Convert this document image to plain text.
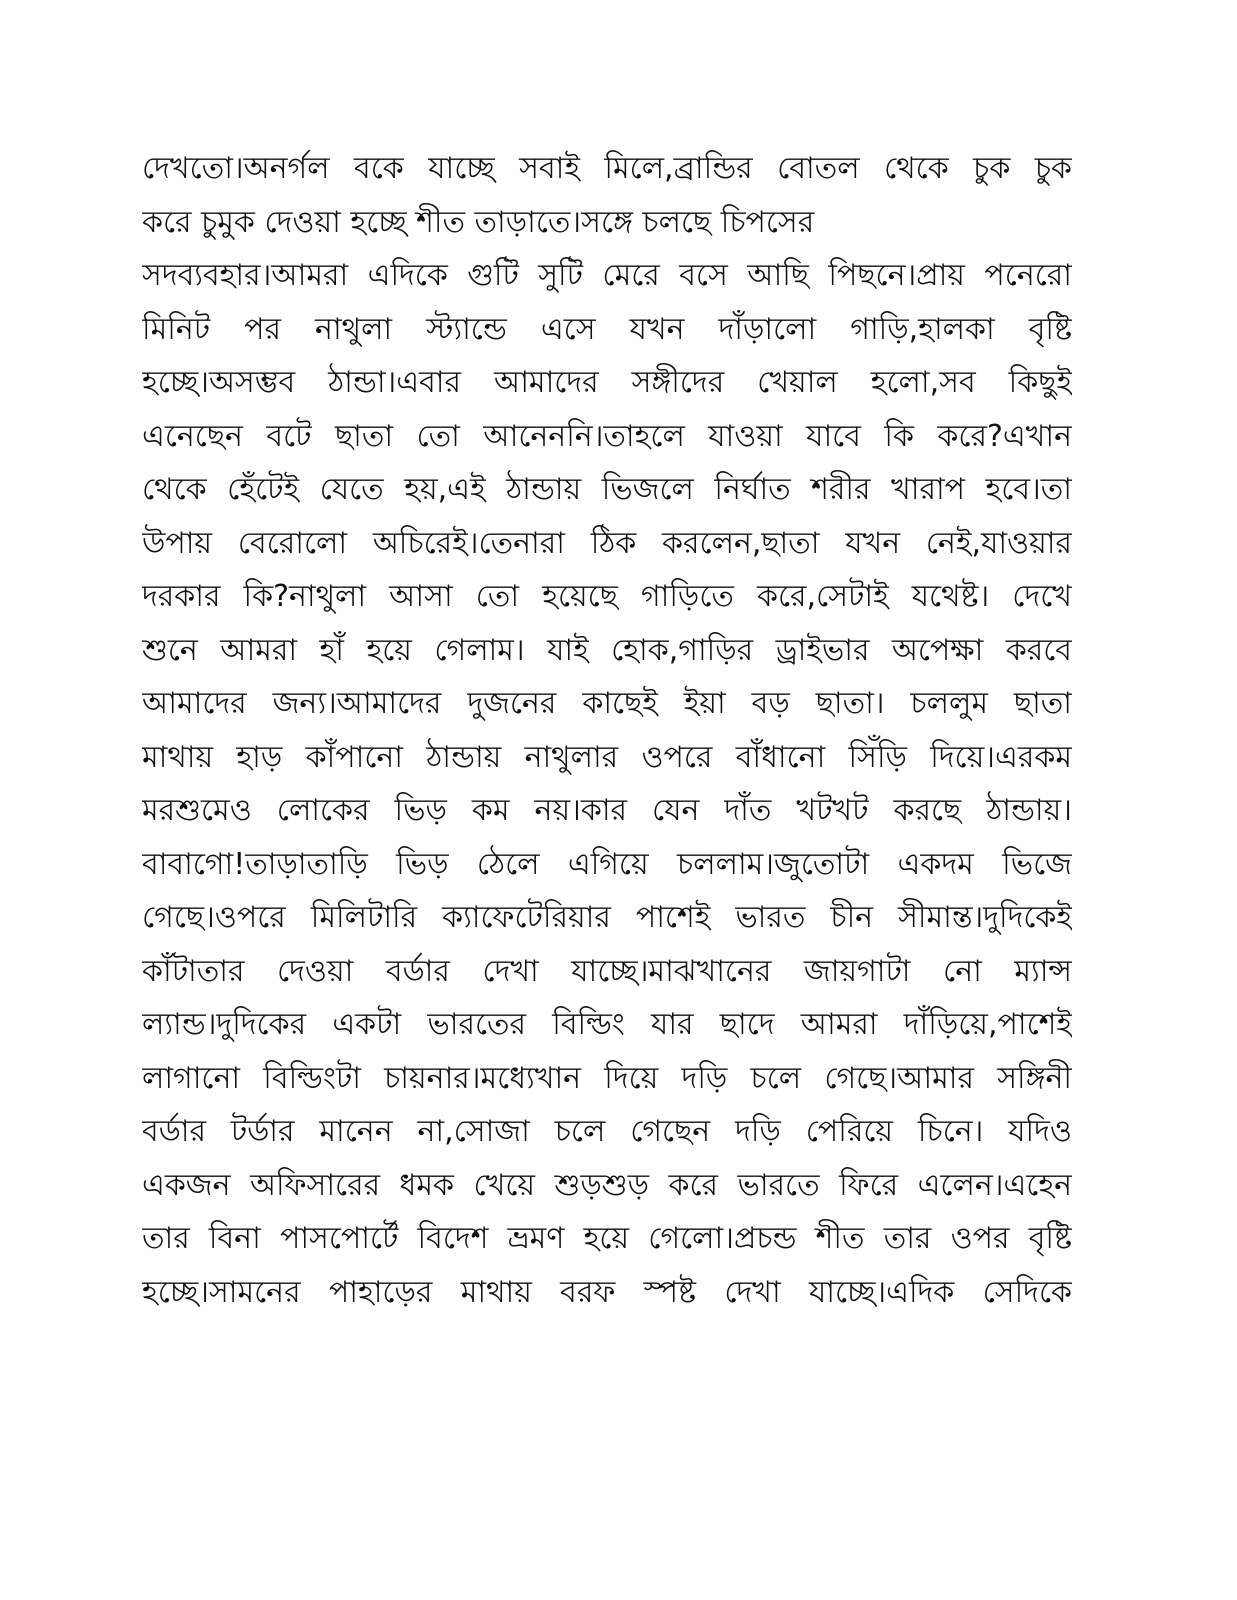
দেখতো।অনর্গল বকে যাচ্ছে সবাই মিলে,ব্রান্ডির বোতল থেকে চুক চুক
করে চুমুক দেওয়া হচ্ছে শীত তাড়াতে।সঙ্গে চলছে চিপসের
সদব্যবহার।আমরা এদিকে গুটি সুটি মেরে বসে আছি পিছনে।প্রায় পনেরো
মিনিট পর নাথুলা স্ট্যান্ডে এসে যখন দাঁড়ালো গাড়ি,হালকা বৃষ্টি
হচ্ছে।অসম্ভব ঠান্ডা।এবার আমাদের সঙ্গীদের খেয়াল হলো,সব কিছুই
এনেছেন বটে ছাতা তো আনেননি।তাহলে যাওয়া যাবে কি করে?এখান
থেকে হেঁটেই যেতে হয়,এই ঠান্ডায় ভিজলে নির্ঘাত শরীর খারাপ হবে।তা
উপায় বেরোলো অচিরেই।তেনারা ঠিক করলেন,ছাতা যখন নেই,যাওয়ার
দরকার কি?নাথুলা আসা তো হয়েছে গাড়িতে করে,সেটাই যথেষ্ট। দেখে
শুনে আমরা হাঁ হয়ে গেলাম। যাই হোক,গাড়ির ড্রাইভার অপেক্ষা করবে
আমাদের জন্য।আমাদের দুজনের কাছেই ইয়া বড় ছাতা। চললুম ছাতা
মাথায় হাড় কাঁপানো ঠান্ডায় নাথুলার ওপরে বাঁধানো সিঁড়ি দিয়ে।এরকম
মরশুমেও লোকের ভিড় কম নয়।কার যেন দাঁত খটখট করছে ঠান্ডায়।
বাবাগো!তাড়াতাড়ি ভিড় ঠেলে এগিয়ে চললাম।জুতোটা একদম ভিজে
গেছে।ওপরে মিলিটারি ক্যাফেটেরিয়ার পাশেই ভারত চীন সীমান্ত।দুদিকেই
কাঁটাতার দেওয়া বর্ডার দেখা যাচ্ছে।মাঝখানের জায়গাটা নো ম্যান্স
ল্যান্ড।দুদিকের একটা ভারতের বিল্ডিং যার ছাদে আমরা দাঁড়িয়ে,পাশেই
লাগানো বিল্ডিংটা চায়নার।মধ্যেখান দিয়ে দড়ি চলে গেছে।আমার সঙ্গিনী
বর্ডার টর্ডার মানেন না,সোজা চলে গেছেন দড়ি পেরিয়ে চিনে। যদিও
একজন অফিসারের ধমক খেয়ে শুড়শুড় করে ভারতে ফিরে এলেন।এহেন
তার বিনা পাসপোর্টে বিদেশ ভ্রমণ হয়ে গেলো।প্রচন্ড শীত তার ওপর বৃষ্টি
হচ্ছে।সামনের পাহাড়ের মাথায় বরফ স্পষ্ট দেখা যাচ্ছে।এদিক সেদিকে
